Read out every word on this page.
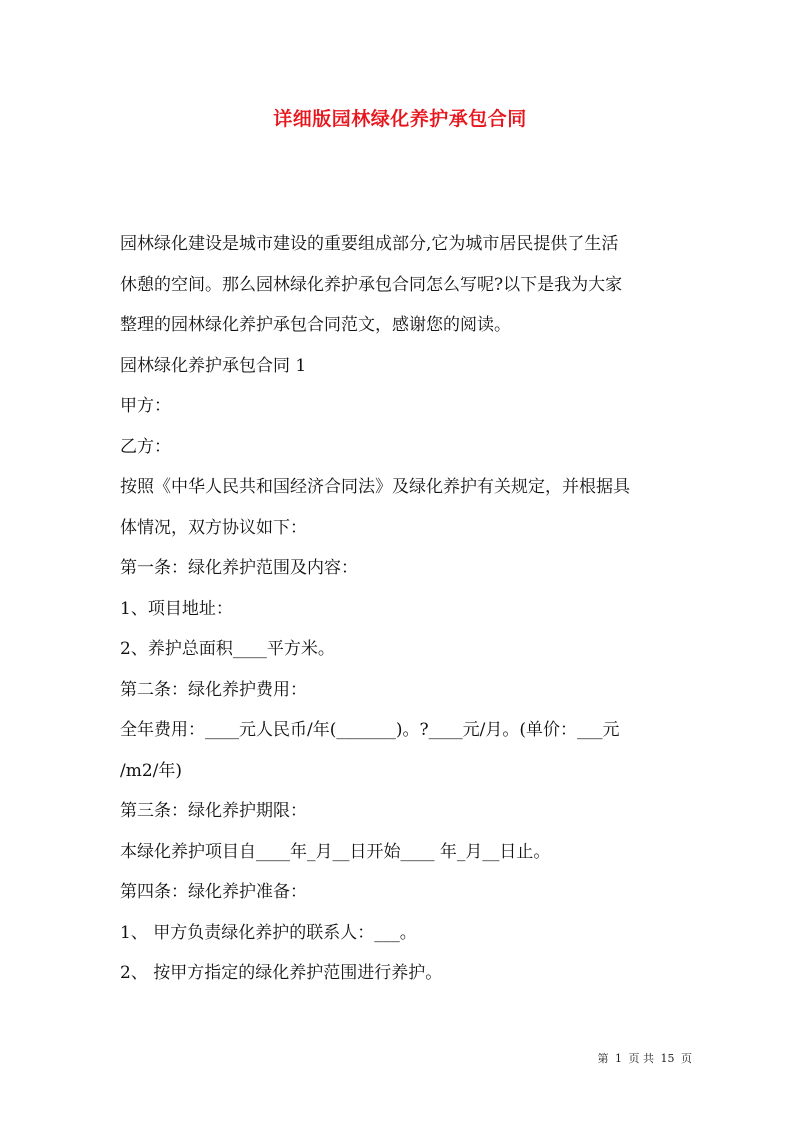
详细版园林绿化养护承包合同
园林绿化建设是城市建设的重要组成部分,它为城市居民提供了生活
休憩的空间。那么园林绿化养护承包合同怎么写呢?以下是我为大家
整理的园林绿化养护承包合同范文，感谢您的阅读。
园林绿化养护承包合同 1
甲方：
乙方：
按照《中华人民共和国经济合同法》及绿化养护有关规定，并根据具
体情况，双方协议如下：
第一条：绿化养护范围及内容：
1、项目地址：
2、养护总面积____平方米。
第二条：绿化养护费用：
全年费用：____元人民币/年(_______)。?____元/月。(单价：___元
/m2/年)
第三条：绿化养护期限：
本绿化养护项目自____年_月__日开始____ 年_月__日止。
第四条：绿化养护准备：
1、 甲方负责绿化养护的联系人：___。
2、 按甲方指定的绿化养护范围进行养护。
第 1 页 共 15 页
